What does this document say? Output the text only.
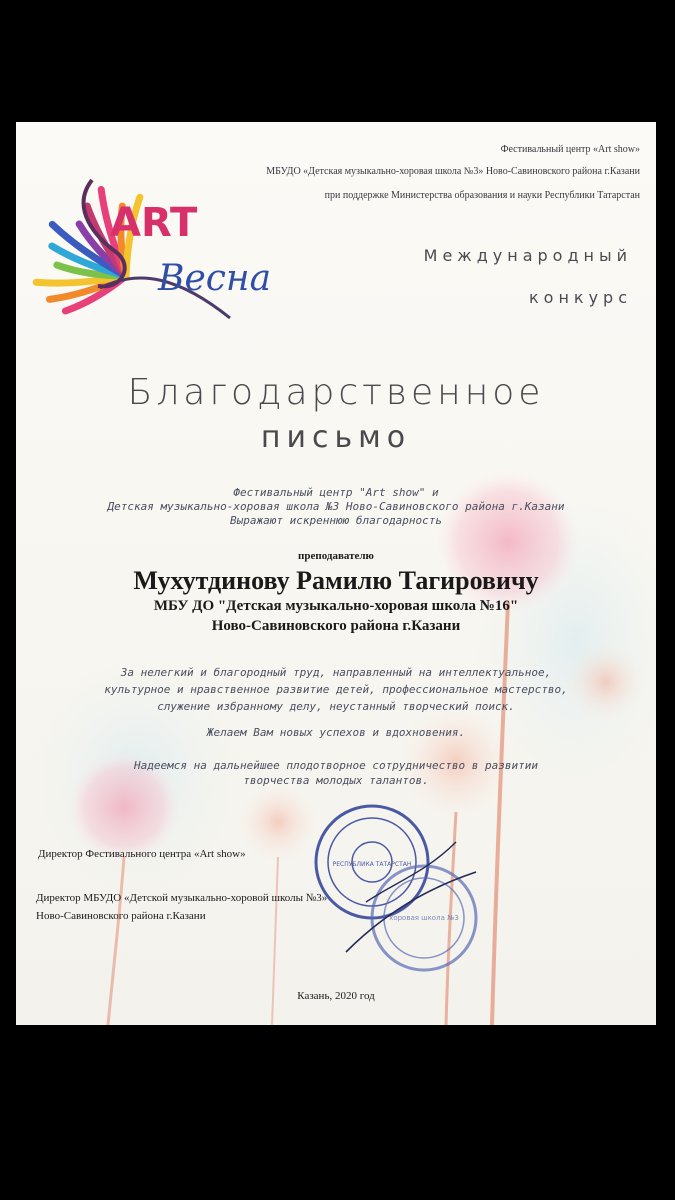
Фестивальный центр «Art show»
МБУДО «Детская музыкально-хоровая школа №3» Ново-Савиновского района г.Казани
при поддержке Министерства образования и науки Республики Татарстан
ART
Весна
Международный
конкурс
Благодарственное
письмо
Фестивальный центр "Art show" и
Детская музыкально-хоровая школа №3 Ново-Савиновского района г.Казани
Выражают искреннюю благодарность
преподавателю
Мухутдинову Рамилю Тагировичу
МБУ ДО "Детская музыкально-хоровая школа №16"
Ново-Савиновского района г.Казани
За нелегкий и благородный труд, направленный на интеллектуальное,
культурное и нравственное развитие детей, профессиональное мастерство,
служение избранному делу, неустанный творческий поиск.
Желаем Вам новых успехов и вдохновения.
Надеемся на дальнейшее плодотворное сотрудничество в развитии
творчества молодых талантов.
Директор Фестивального центра «Art show»
Директор МБУДО «Детской музыкально-хоровой школы №3»
Ново-Савиновского района г.Казани
РЕСПУБЛИКА ТАТАРСТАН
хоровая школа №3
Казань, 2020 год
